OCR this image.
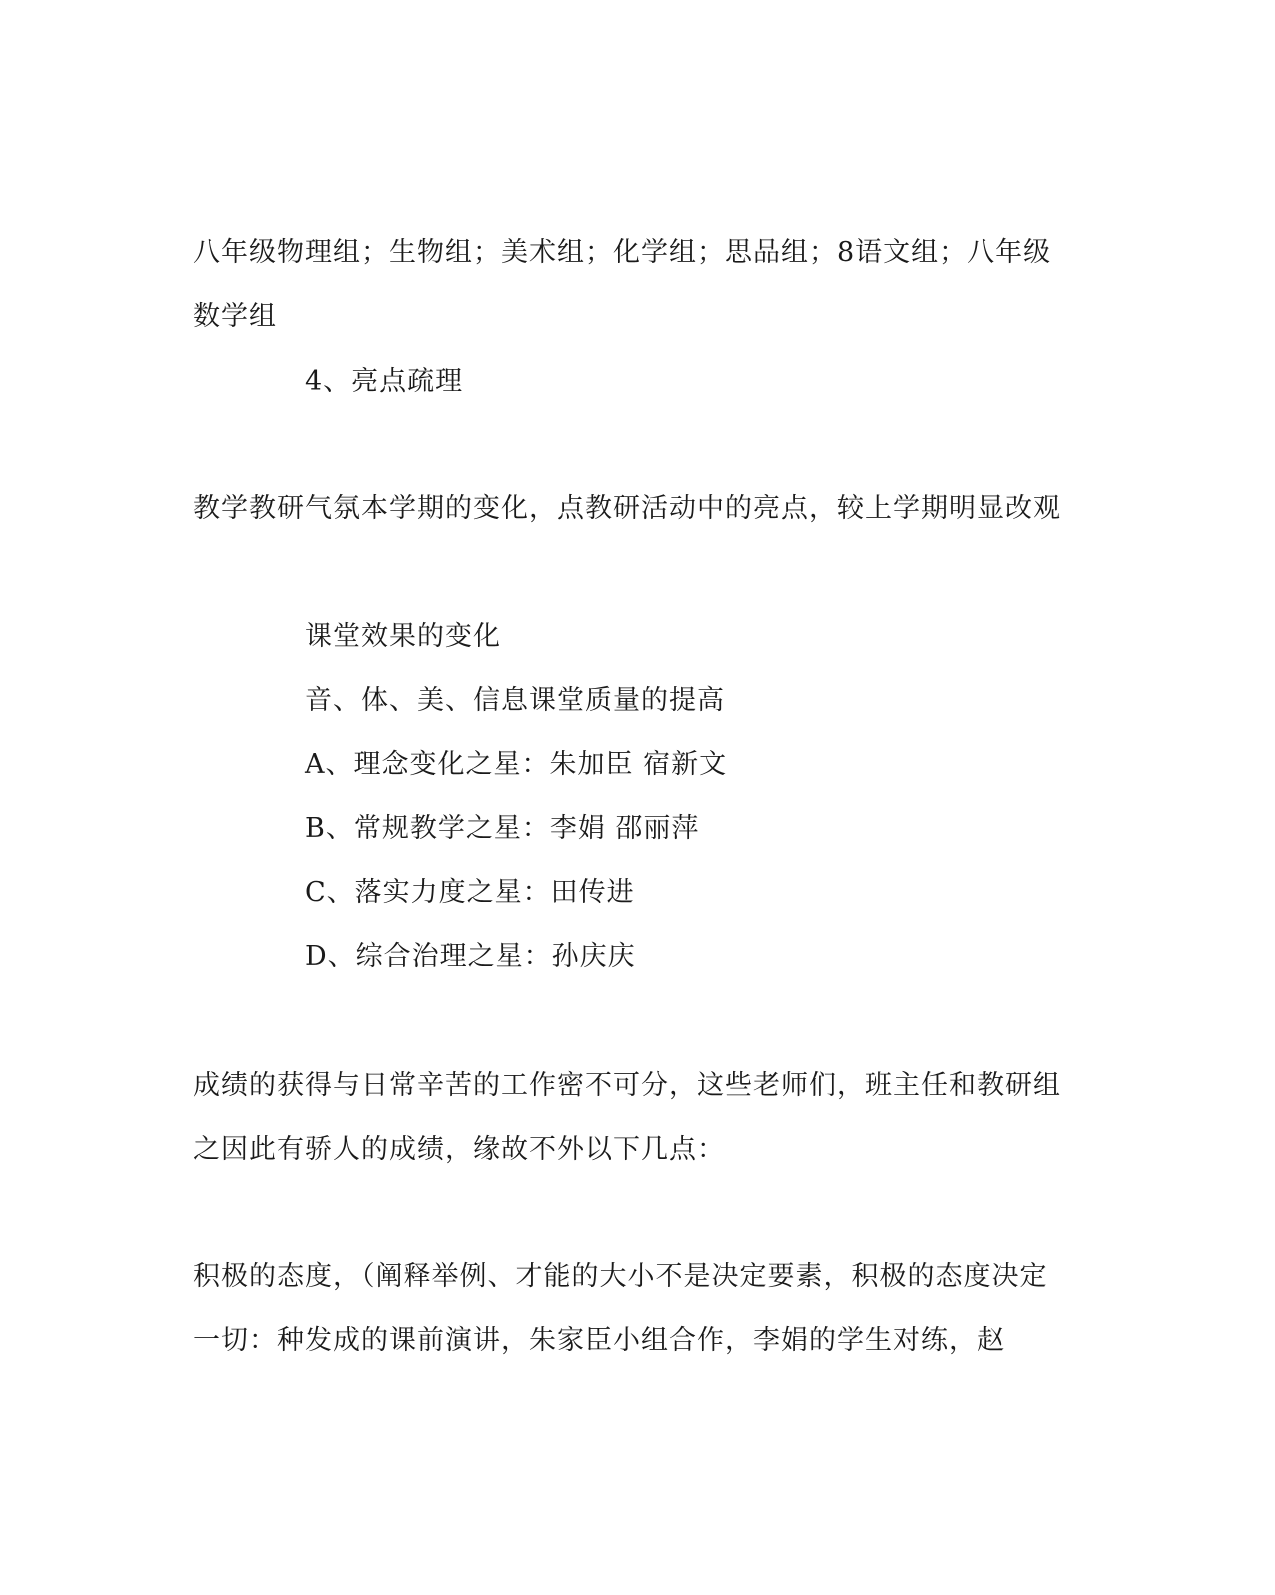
八年级物理组；生物组；美术组；化学组；思品组；8语文组；八年级数学组

4、亮点疏理

教学教研气氛本学期的变化，点教研活动中的亮点，较上学期明显改观

课堂效果的变化

音、体、美、信息课堂质量的提高

A、理念变化之星：朱加臣 宿新文

B、常规教学之星：李娟 邵丽萍

C、落实力度之星：田传进

D、综合治理之星：孙庆庆

成绩的获得与日常辛苦的工作密不可分，这些老师们，班主任和教研组之因此有骄人的成绩，缘故不外以下几点：

积极的态度，（阐释举例、才能的大小不是决定要素，积极的态度决定一切：种发成的课前演讲，朱家臣小组合作，李娟的学生对练，赵
